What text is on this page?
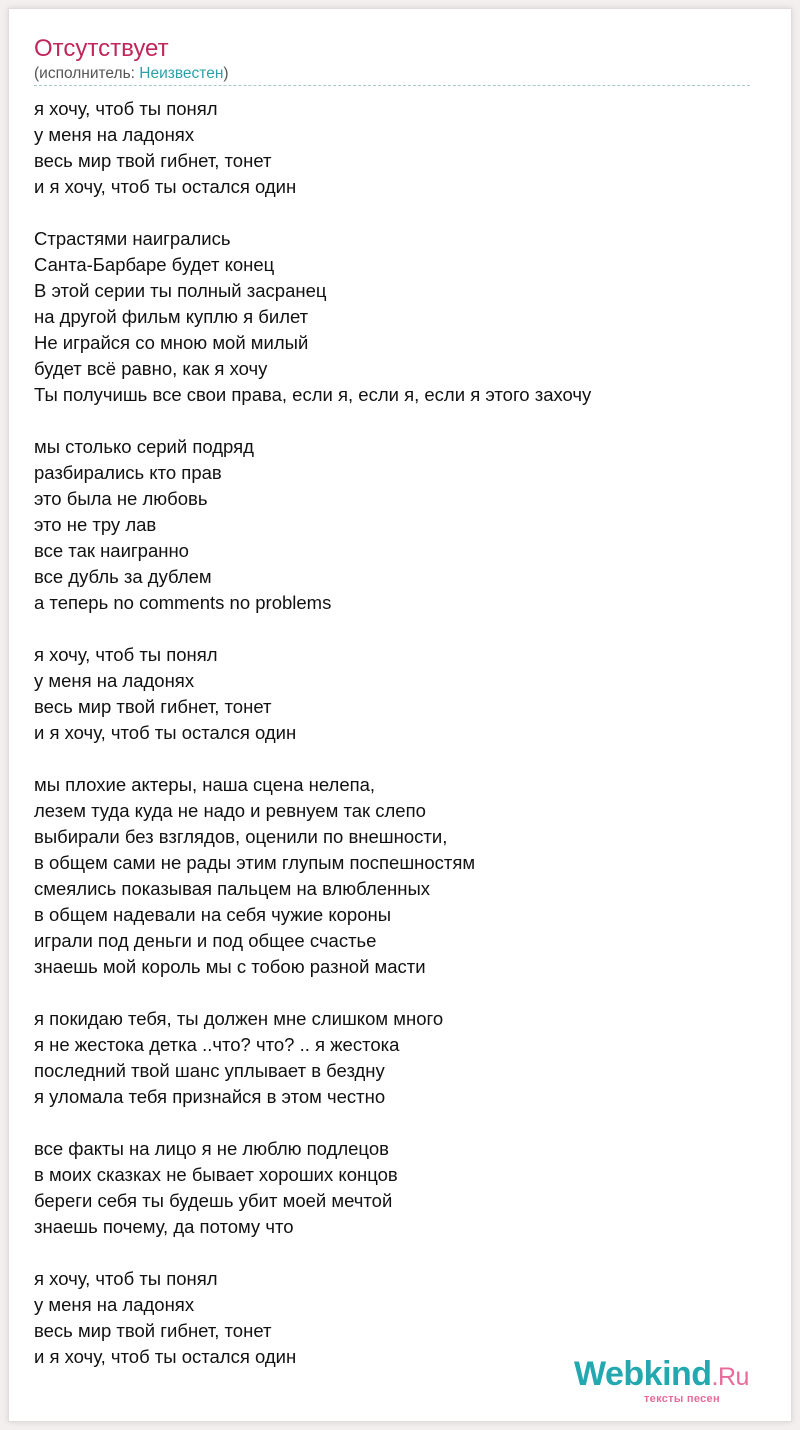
Отсутствует
(исполнитель: Неизвестен)
я хочу, чтоб ты понял
у меня на ладонях
весь мир твой гибнет, тонет
и я хочу, чтоб ты остался один
Страстями наигрались
Санта-Барбаре будет конец
В этой серии ты полный засранец
на другой фильм куплю я билет
Не играйся со мною мой милый
будет всё равно, как я хочу
Ты получишь все свои права, если я, если я, если я этого захочу
мы столько серий подряд
разбирались кто прав
это была не любовь
это не тру лав
все так наигранно
все дубль за дублем
а теперь no comments no problems
я хочу, чтоб ты понял
у меня на ладонях
весь мир твой гибнет, тонет
и я хочу, чтоб ты остался один
мы плохие актеры, наша сцена нелепа,
лезем туда куда не надо и ревнуем так слепо
выбирали без взглядов, оценили по внешности,
в общем сами не рады этим глупым поспешностям
смеялись показывая пальцем на влюбленных
в общем надевали на себя чужие короны
играли под деньги и под общее счастье
знаешь мой король мы с тобою разной масти
я покидаю тебя, ты должен мне слишком много
я не жестока детка ..что? что? .. я жестока
последний твой шанс уплывает в бездну
я уломала тебя признайся в этом честно
все факты на лицо я не люблю подлецов
в моих сказках не бывает хороших концов
береги себя ты будешь убит моей мечтой
знаешь почему, да потому что
я хочу, чтоб ты понял
у меня на ладонях
весь мир твой гибнет, тонет
и я хочу, чтоб ты остался один	Webkind.Ru
тексты песен
